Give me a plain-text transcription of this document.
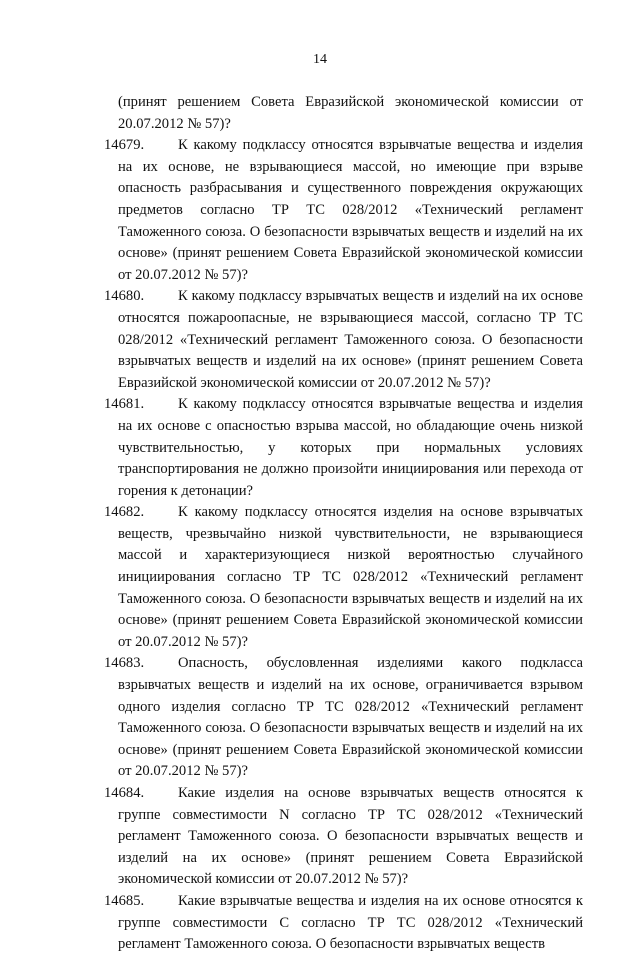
14

(принят решением Совета Евразийской экономической комиссии от 20.07.2012 № 57)?

14679.	К какому подклассу относятся взрывчатые вещества и изделия на их основе, не взрывающиеся массой, но имеющие при взрыве опасность разбрасывания и существенного повреждения окружающих предметов согласно ТР ТС 028/2012 «Технический регламент Таможенного союза. О безопасности взрывчатых веществ и изделий на их основе» (принят решением Совета Евразийской экономической комиссии от 20.07.2012 № 57)?
14680.	К какому подклассу взрывчатых веществ и изделий на их основе относятся пожароопасные, не взрывающиеся массой, согласно ТР ТС 028/2012 «Технический регламент Таможенного союза. О безопасности взрывчатых веществ и изделий на их основе» (принят решением Совета Евразийской экономической комиссии от 20.07.2012 № 57)?
14681.	К какому подклассу относятся взрывчатые вещества и изделия на их основе с опасностью взрыва массой, но обладающие очень низкой чувствительностью, у которых при нормальных условиях транспортирования не должно произойти инициирования или перехода от горения к детонации?
14682.	К какому подклассу относятся изделия на основе взрывчатых веществ, чрезвычайно низкой чувствительности, не взрывающиеся массой и характеризующиеся низкой вероятностью случайного инициирования согласно ТР ТС 028/2012 «Технический регламент Таможенного союза. О безопасности взрывчатых веществ и изделий на их основе» (принят решением Совета Евразийской экономической комиссии от 20.07.2012 № 57)?
14683.	Опасность, обусловленная изделиями какого подкласса взрывчатых веществ и изделий на их основе, ограничивается взрывом одного изделия согласно ТР ТС 028/2012 «Технический регламент Таможенного союза. О безопасности взрывчатых веществ и изделий на их основе» (принят решением Совета Евразийской экономической комиссии от 20.07.2012 № 57)?
14684.	Какие изделия на основе взрывчатых веществ относятся к группе совместимости N согласно ТР ТС 028/2012 «Технический регламент Таможенного союза. О безопасности взрывчатых веществ и изделий на их основе» (принят решением Совета Евразийской экономической комиссии от 20.07.2012 № 57)?
14685.	Какие взрывчатые вещества и изделия на их основе относятся к группе совместимости С согласно ТР ТС 028/2012 «Технический регламент Таможенного союза. О безопасности взрывчатых веществ
